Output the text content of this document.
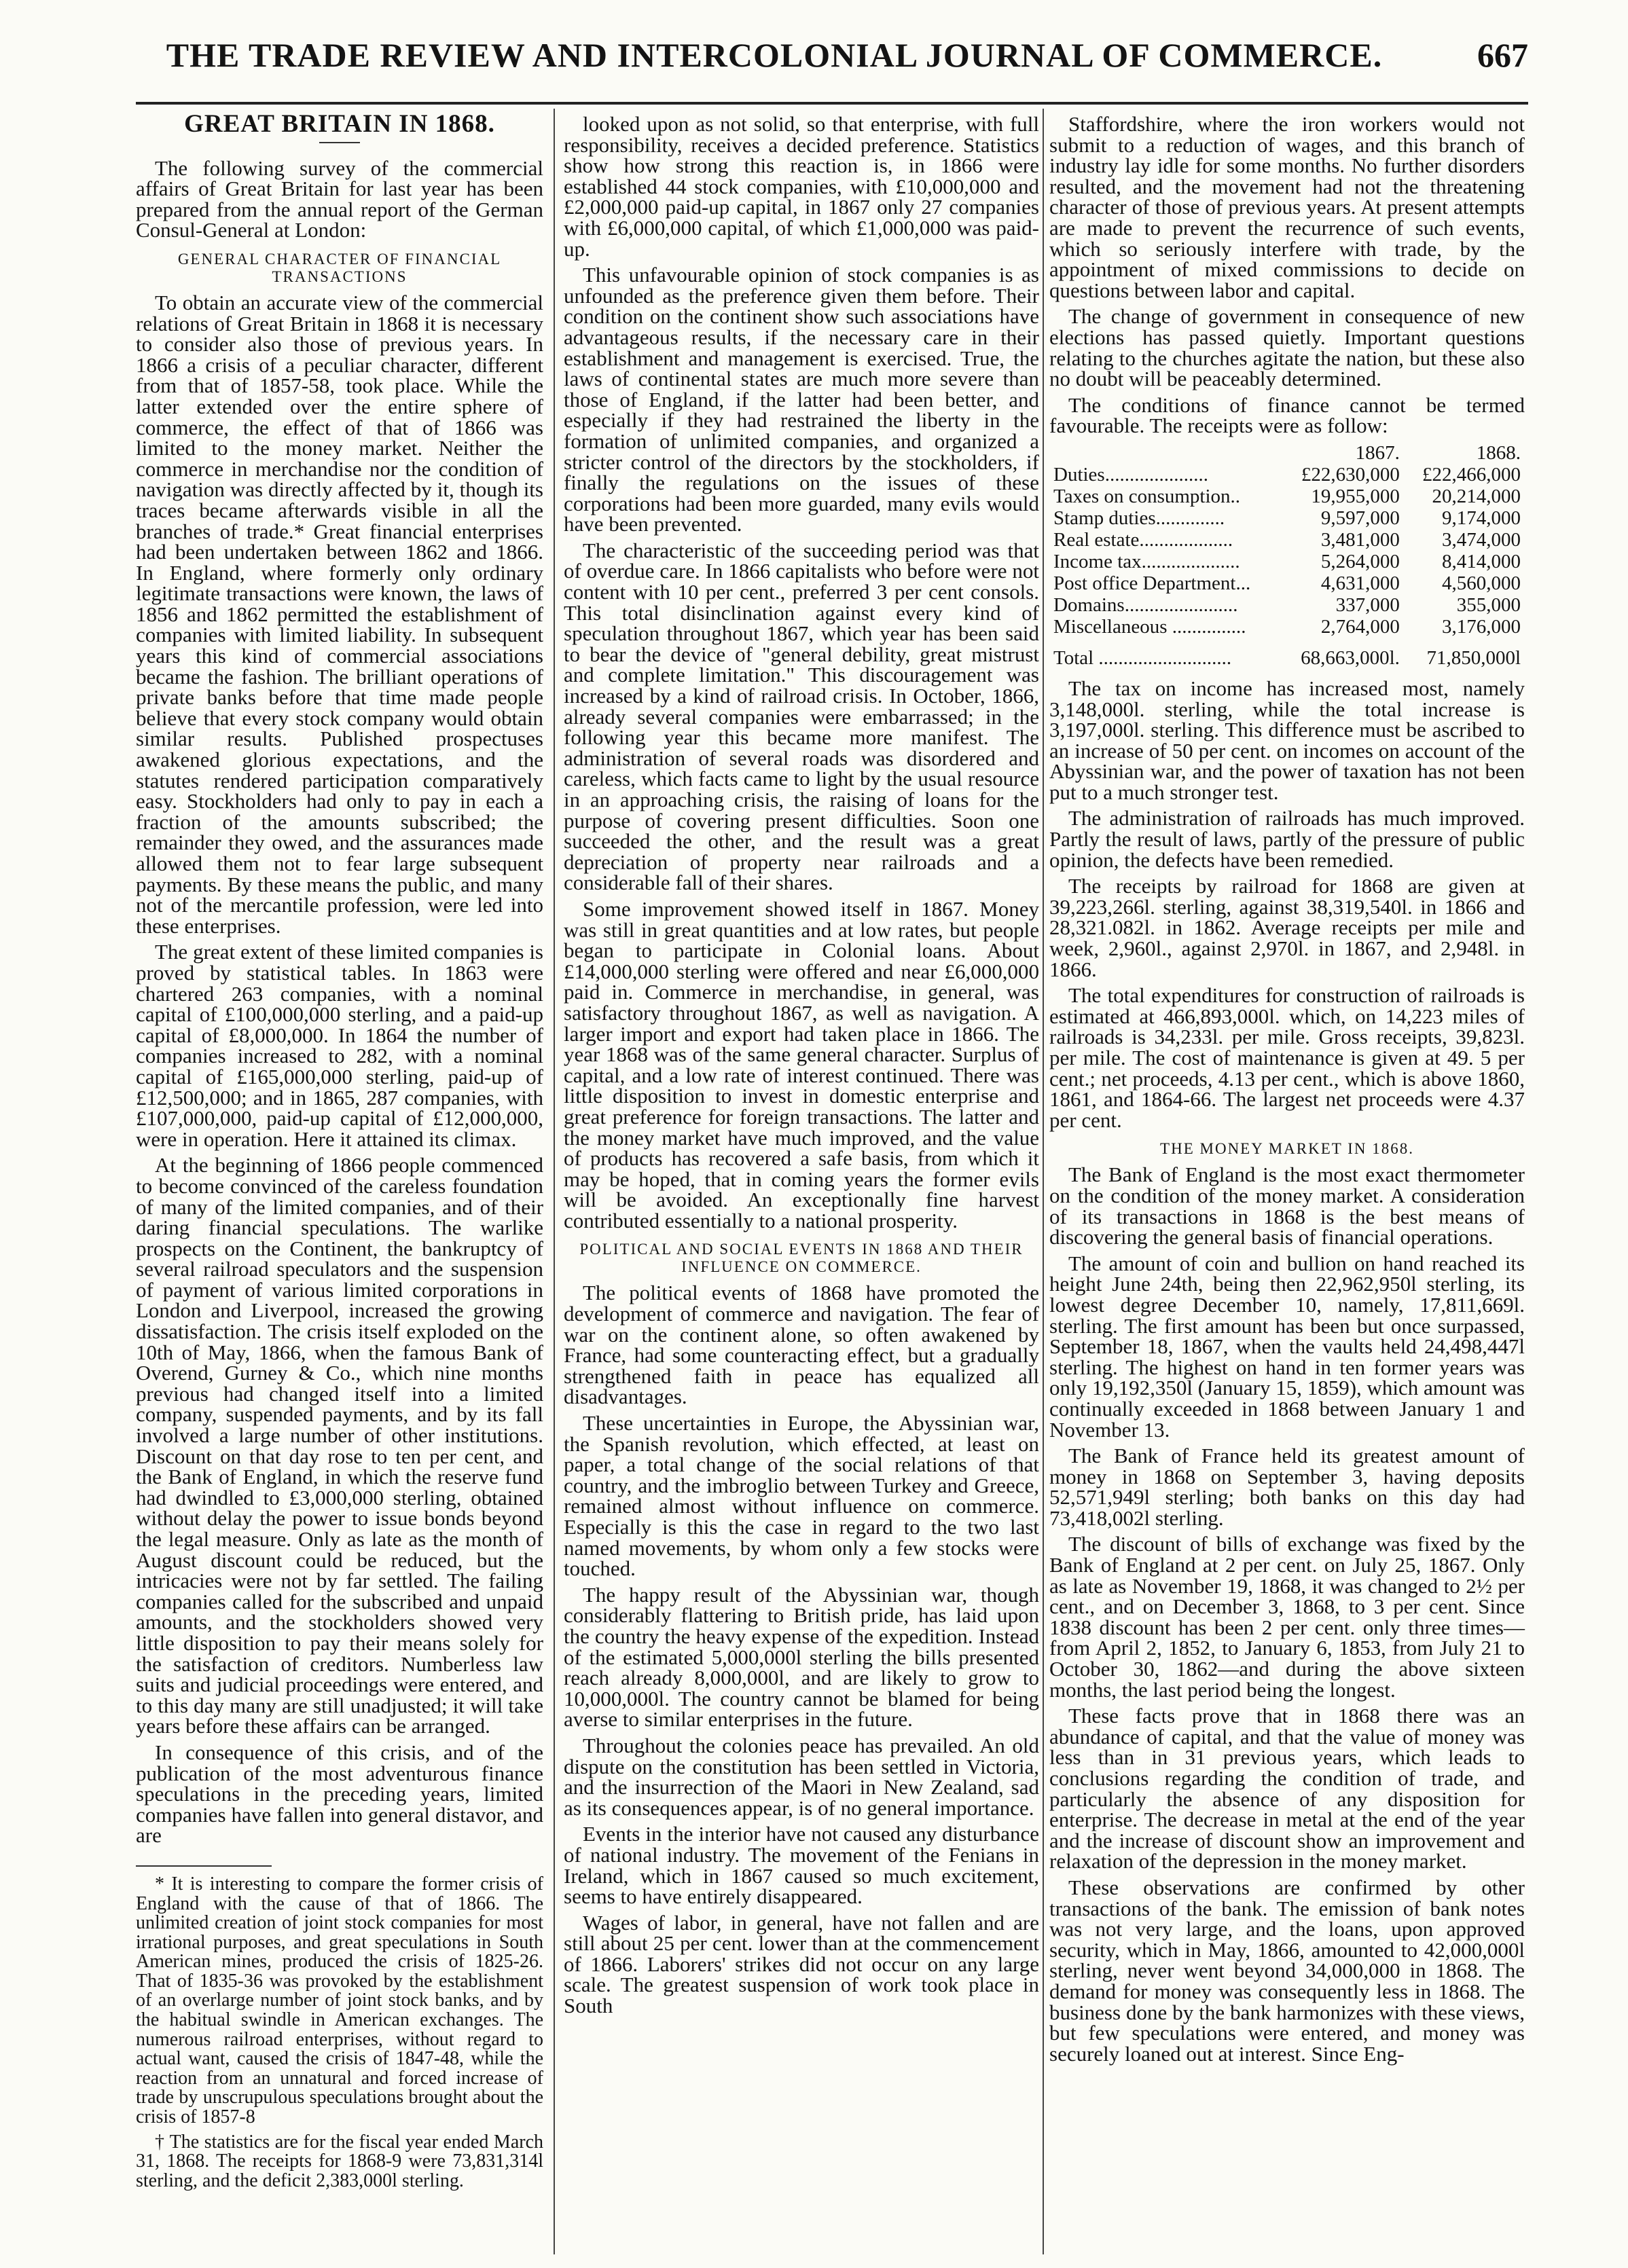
THE TRADE REVIEW AND INTERCOLONIAL JOURNAL OF COMMERCE.	667
GREAT BRITAIN IN 1868.

The following survey of the commercial affairs of Great Britain for last year has been prepared from the annual report of the German Consul-General at London:

GENERAL CHARACTER OF FINANCIAL TRANSACTIONS

To obtain an accurate view of the commercial relations of Great Britain in 1868 it is necessary to consider also those of previous years. In 1866 a crisis of a peculiar character, different from that of 1857-58, took place. While the latter extended over the entire sphere of commerce, the effect of that of 1866 was limited to the money market. Neither the commerce in merchandise nor the condition of navigation was directly affected by it, though its traces became afterwards visible in all the branches of trade.* Great financial enterprises had been undertaken between 1862 and 1866. In England, where formerly only ordinary legitimate transactions were known, the laws of 1856 and 1862 permitted the establishment of companies with limited liability. In subsequent years this kind of commercial associations became the fashion. The brilliant operations of private banks before that time made people believe that every stock company would obtain similar results. Published prospectuses awakened glorious expectations, and the statutes rendered participation comparatively easy. Stockholders had only to pay in each a fraction of the amounts subscribed; the remainder they owed, and the assurances made allowed them not to fear large subsequent payments. By these means the public, and many not of the mercantile profession, were led into these enterprises.

The great extent of these limited companies is proved by statistical tables. In 1863 were chartered 263 companies, with a nominal capital of £100,000,000 sterling, and a paid-up capital of £8,000,000. In 1864 the number of companies increased to 282, with a nominal capital of £165,000,000 sterling, paid-up of £12,500,000; and in 1865, 287 companies, with £107,000,000, paid-up capital of £12,000,000, were in operation. Here it attained its climax.

At the beginning of 1866 people commenced to become convinced of the careless foundation of many of the limited companies, and of their daring financial speculations. The warlike prospects on the Continent, the bankruptcy of several railroad speculators and the suspension of payment of various limited corporations in London and Liverpool, increased the growing dissatisfaction. The crisis itself exploded on the 10th of May, 1866, when the famous Bank of Overend, Gurney & Co., which nine months previous had changed itself into a limited company, suspended payments, and by its fall involved a large number of other institutions. Discount on that day rose to ten per cent, and the Bank of England, in which the reserve fund had dwindled to £3,000,000 sterling, obtained without delay the power to issue bonds beyond the legal measure. Only as late as the month of August discount could be reduced, but the intricacies were not by far settled. The failing companies called for the subscribed and unpaid amounts, and the stockholders showed very little disposition to pay their means solely for the satisfaction of creditors. Numberless law suits and judicial proceedings were entered, and to this day many are still unadjusted; it will take years before these affairs can be arranged.

In consequence of this crisis, and of the publication of the most adventurous finance speculations in the preceding years, limited companies have fallen into general distavor, and are

* It is interesting to compare the former crisis of England with the cause of that of 1866. The unlimited creation of joint stock companies for most irrational purposes, and great speculations in South American mines, produced the crisis of 1825-26. That of 1835-36 was provoked by the establishment of an overlarge number of joint stock banks, and by the habitual swindle in American exchanges. The numerous railroad enterprises, without regard to actual want, caused the crisis of 1847-48, while the reaction from an unnatural and forced increase of trade by unscrupulous speculations brought about the crisis of 1857-8

† The statistics are for the fiscal year ended March 31, 1868. The receipts for 1868-9 were 73,831,314l sterling, and the deficit 2,383,000l sterling.

looked upon as not solid, so that enterprise, with full responsibility, receives a decided preference. Statistics show how strong this reaction is, in 1866 were established 44 stock companies, with £10,000,000 and £2,000,000 paid-up capital, in 1867 only 27 companies with £6,000,000 capital, of which £1,000,000 was paid-up.

This unfavourable opinion of stock companies is as unfounded as the preference given them before. Their condition on the continent show such associations have advantageous results, if the necessary care in their establishment and management is exercised. True, the laws of continental states are much more severe than those of England, if the latter had been better, and especially if they had restrained the liberty in the formation of unlimited companies, and organized a stricter control of the directors by the stockholders, if finally the regulations on the issues of these corporations had been more guarded, many evils would have been prevented.

The characteristic of the succeeding period was that of overdue care. In 1866 capitalists who before were not content with 10 per cent., preferred 3 per cent consols. This total disinclination against every kind of speculation throughout 1867, which year has been said to bear the device of "general debility, great mistrust and complete limitation." This discouragement was increased by a kind of railroad crisis. In October, 1866, already several companies were embarrassed; in the following year this became more manifest. The administration of several roads was disordered and careless, which facts came to light by the usual resource in an approaching crisis, the raising of loans for the purpose of covering present difficulties. Soon one succeeded the other, and the result was a great depreciation of property near railroads and a considerable fall of their shares.

Some improvement showed itself in 1867. Money was still in great quantities and at low rates, but people began to participate in Colonial loans. About £14,000,000 sterling were offered and near £6,000,000 paid in. Commerce in merchandise, in general, was satisfactory throughout 1867, as well as navigation. A larger import and export had taken place in 1866. The year 1868 was of the same general character. Surplus of capital, and a low rate of interest continued. There was little disposition to invest in domestic enterprise and great preference for foreign transactions. The latter and the money market have much improved, and the value of products has recovered a safe basis, from which it may be hoped, that in coming years the former evils will be avoided. An exceptionally fine harvest contributed essentially to a national prosperity.

POLITICAL AND SOCIAL EVENTS IN 1868 AND THEIR INFLUENCE ON COMMERCE.

The political events of 1868 have promoted the development of commerce and navigation. The fear of war on the continent alone, so often awakened by France, had some counteracting effect, but a gradually strengthened faith in peace has equalized all disadvantages.

These uncertainties in Europe, the Abyssinian war, the Spanish revolution, which effected, at least on paper, a total change of the social relations of that country, and the imbroglio between Turkey and Greece, remained almost without influence on commerce. Especially is this the case in regard to the two last named movements, by whom only a few stocks were touched.

The happy result of the Abyssinian war, though considerably flattering to British pride, has laid upon the country the heavy expense of the expedition. Instead of the estimated 5,000,000l sterling the bills presented reach already 8,000,000l, and are likely to grow to 10,000,000l. The country cannot be blamed for being averse to similar enterprises in the future.

Throughout the colonies peace has prevailed. An old dispute on the constitution has been settled in Victoria, and the insurrection of the Maori in New Zealand, sad as its consequences appear, is of no general importance.

Events in the interior have not caused any disturbance of national industry. The movement of the Fenians in Ireland, which in 1867 caused so much excitement, seems to have entirely disappeared.

Wages of labor, in general, have not fallen and are still about 25 per cent. lower than at the commencement of 1866. Laborers' strikes did not occur on any large scale. The greatest suspension of work took place in South

Staffordshire, where the iron workers would not submit to a reduction of wages, and this branch of industry lay idle for some months. No further disorders resulted, and the movement had not the threatening character of those of previous years. At present attempts are made to prevent the recurrence of such events, which so seriously interfere with trade, by the appointment of mixed commissions to decide on questions between labor and capital.

The change of government in consequence of new elections has passed quietly. Important questions relating to the churches agitate the nation, but these also no doubt will be peaceably determined.

The conditions of finance cannot be termed favourable. The receipts were as follow:

	1867.	1868.
Duties.....................	£22,630,000	£22,466,000
Taxes on consumption..	19,955,000	20,214,000
Stamp duties..............	9,597,000	9,174,000
Real estate...................	3,481,000	3,474,000
Income tax....................	5,264,000	8,414,000
Post office Department...	4,631,000	4,560,000
Domains.......................	337,000	355,000
Miscellaneous ...............	2,764,000	3,176,000
Total ...........................	68,663,000l.	71,850,000l

The tax on income has increased most, namely 3,148,000l. sterling, while the total increase is 3,197,000l. sterling. This difference must be ascribed to an increase of 50 per cent. on incomes on account of the Abyssinian war, and the power of taxation has not been put to a much stronger test.

The administration of railroads has much improved. Partly the result of laws, partly of the pressure of public opinion, the defects have been remedied.

The receipts by railroad for 1868 are given at 39,223,266l. sterling, against 38,319,540l. in 1866 and 28,321.082l. in 1862. Average receipts per mile and week, 2,960l., against 2,970l. in 1867, and 2,948l. in 1866.

The total expenditures for construction of railroads is estimated at 466,893,000l. which, on 14,223 miles of railroads is 34,233l. per mile. Gross receipts, 39,823l. per mile. The cost of maintenance is given at 49. 5 per cent.; net proceeds, 4.13 per cent., which is above 1860, 1861, and 1864-66. The largest net proceeds were 4.37 per cent.

THE MONEY MARKET IN 1868.

The Bank of England is the most exact thermometer on the condition of the money market. A consideration of its transactions in 1868 is the best means of discovering the general basis of financial operations.

The amount of coin and bullion on hand reached its height June 24th, being then 22,962,950l sterling, its lowest degree December 10, namely, 17,811,669l. sterling. The first amount has been but once surpassed, September 18, 1867, when the vaults held 24,498,447l sterling. The highest on hand in ten former years was only 19,192,350l (January 15, 1859), which amount was continually exceeded in 1868 between January 1 and November 13.

The Bank of France held its greatest amount of money in 1868 on September 3, having deposits 52,571,949l sterling; both banks on this day had 73,418,002l sterling.

The discount of bills of exchange was fixed by the Bank of England at 2 per cent. on July 25, 1867. Only as late as November 19, 1868, it was changed to 2½ per cent., and on December 3, 1868, to 3 per cent. Since 1838 discount has been 2 per cent. only three times—from April 2, 1852, to January 6, 1853, from July 21 to October 30, 1862—and during the above sixteen months, the last period being the longest.

These facts prove that in 1868 there was an abundance of capital, and that the value of money was less than in 31 previous years, which leads to conclusions regarding the condition of trade, and particularly the absence of any disposition for enterprise. The decrease in metal at the end of the year and the increase of discount show an improvement and relaxation of the depression in the money market.

These observations are confirmed by other transactions of the bank. The emission of bank notes was not very large, and the loans, upon approved security, which in May, 1866, amounted to 42,000,000l sterling, never went beyond 34,000,000 in 1868. The demand for money was consequently less in 1868. The business done by the bank harmonizes with these views, but few speculations were entered, and money was securely loaned out at interest. Since Eng-
